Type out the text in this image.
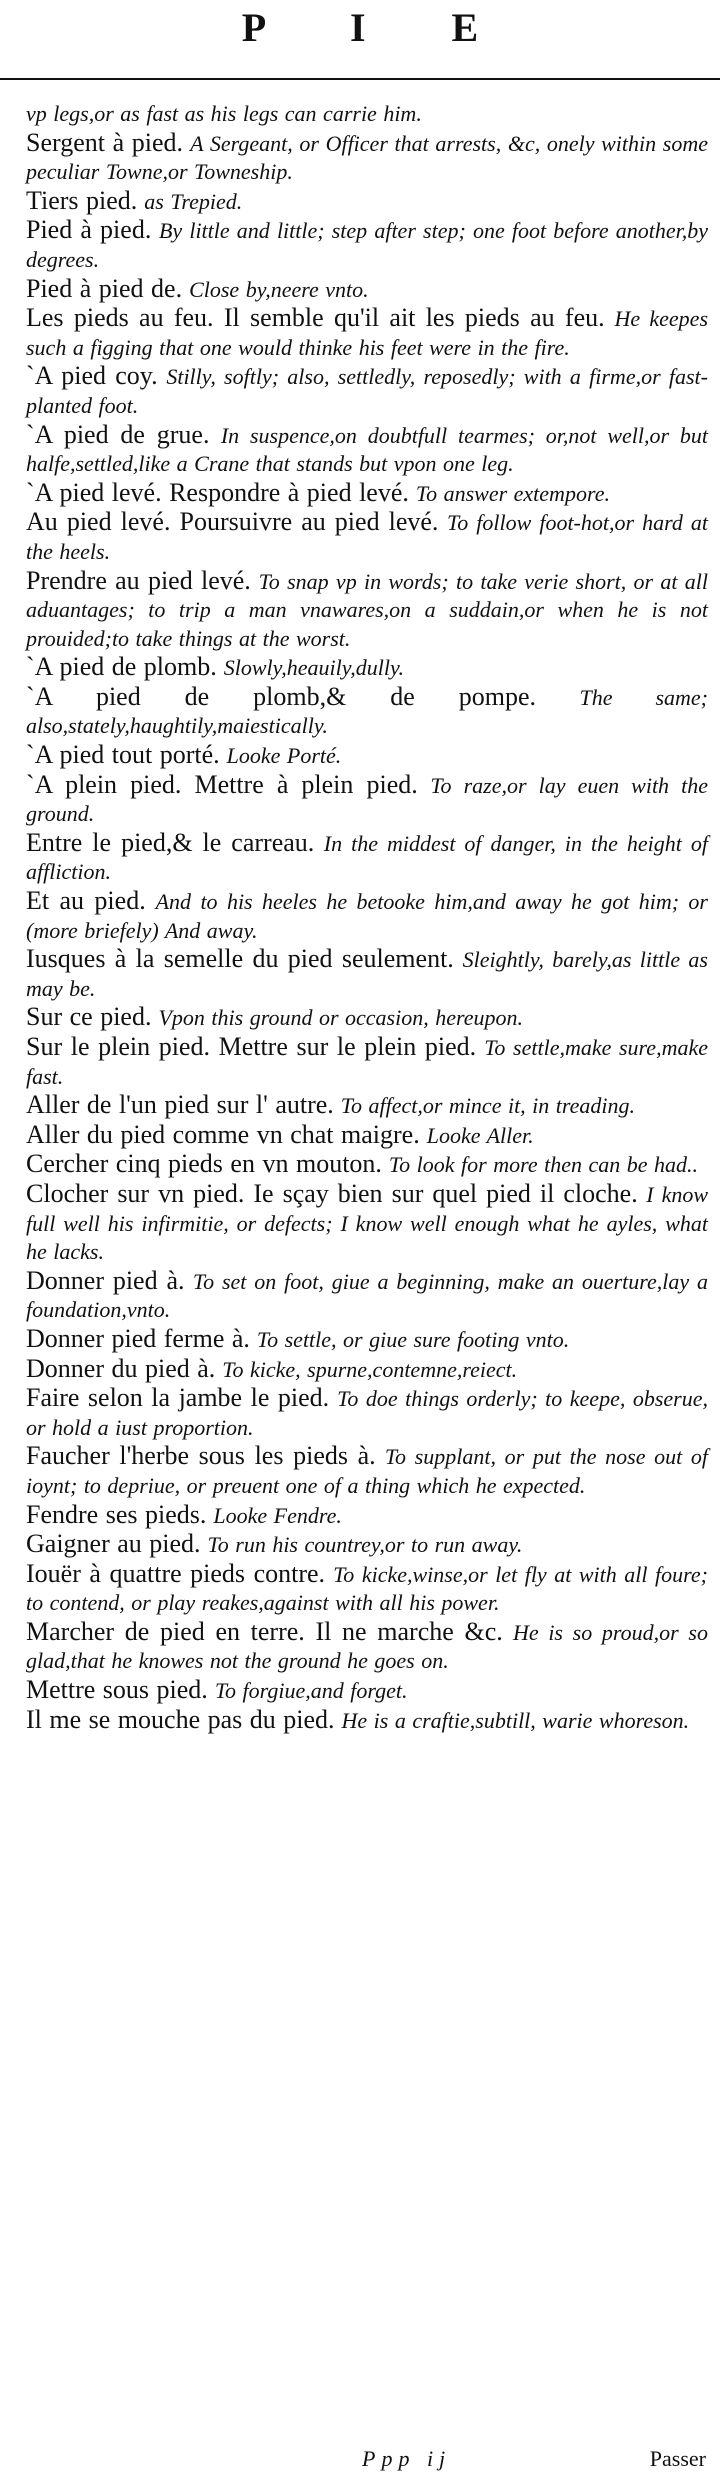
P I E

vp legs,or as fast as his legs can carrie him.

Sergent à pied. A Sergeant, or Officer that arrests, &c, onely within some peculiar Towne,or Towneship.

Tiers pied. as Trepied.

Pied à pied. By little and little; step after step; one foot before another,by degrees.

Pied à pied de. Close by,neere vnto.

Les pieds au feu. Il semble qu'il ait les pieds au feu. He keepes such a figging that one would thinke his feet were in the fire.

`A pied coy. Stilly, softly; also, settledly, reposedly; with a firme,or fast-planted foot.

`A pied de grue. In suspence,on doubtfull tearmes; or,not well,or but halfe,settled,like a Crane that stands but vpon one leg.

`A pied levé. Respondre à pied levé. To answer extempore.

Au pied levé. Poursuivre au pied levé. To follow foot-hot,or hard at the heels.

Prendre au pied levé. To snap vp in words; to take verie short, or at all aduantages; to trip a man vnawares,on a suddain,or when he is not prouided;to take things at the worst.

`A pied de plomb. Slowly,heauily,dully.

`A pied de plomb,& de pompe. The same; also,stately,haughtily,maiestically.

`A pied tout porté. Looke Porté.

`A plein pied. Mettre à plein pied. To raze,or lay euen with the ground.

Entre le pied,& le carreau. In the middest of danger, in the height of affliction.

Et au pied. And to his heeles he betooke him,and away he got him; or (more briefely) And away.

Iusques à la semelle du pied seulement. Sleightly, barely,as little as may be.

Sur ce pied. Vpon this ground or occasion, hereupon.

Sur le plein pied. Mettre sur le plein pied. To settle,make sure,make fast.

Aller de l'un pied sur l' autre. To affect,or mince it, in treading.

Aller du pied comme vn chat maigre. Looke Aller.

Cercher cinq pieds en vn mouton. To look for more then can be had..

Clocher sur vn pied. Ie sçay bien sur quel pied il cloche. I know full well his infirmitie, or defects; I know well enough what he ayles, what he lacks.

Donner pied à. To set on foot, giue a beginning, make an ouerture,lay a foundation,vnto.

Donner pied ferme à. To settle, or giue sure footing vnto.

Donner du pied à. To kicke, spurne,contemne,reiect.

Faire selon la jambe le pied. To doe things orderly; to keepe, obserue, or hold a iust proportion.

Faucher l'herbe sous les pieds à. To supplant, or put the nose out of ioynt; to depriue, or preuent one of a thing which he expected.

Fendre ses pieds. Looke Fendre.

Gaigner au pied. To run his countrey,or to run away.

Iouër à quattre pieds contre. To kicke,winse,or let fly at with all foure; to contend, or play reakes,against with all his power.

Marcher de pied en terre. Il ne marche &c. He is so proud,or so glad,that he knowes not the ground he goes on.

Mettre sous pied. To forgiue,and forget.

Il me se mouche pas du pied. He is a craftie,subtill, warie whoreson.

Ppp ij	Passer
